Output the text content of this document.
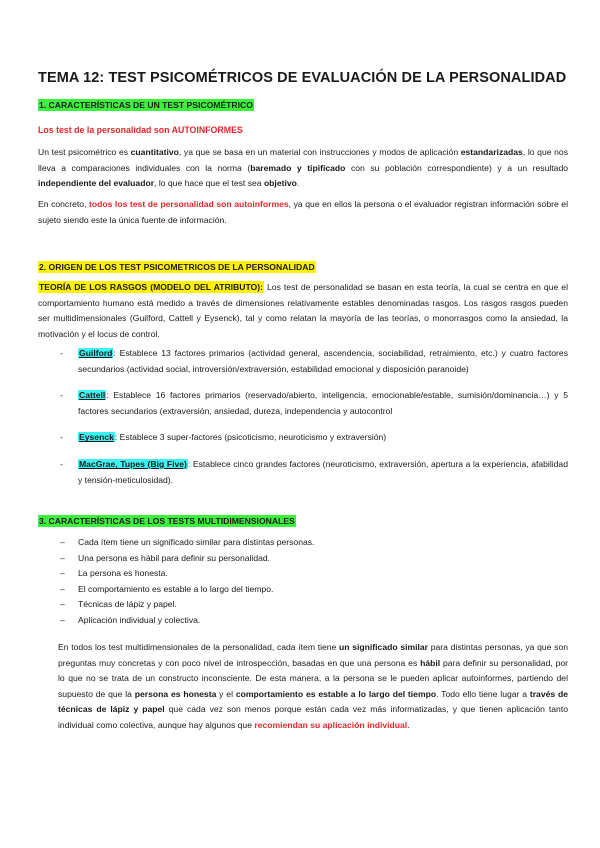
TEMA 12: TEST PSICOMÉTRICOS DE EVALUACIÓN DE LA PERSONALIDAD
1. CARACTERÍSTICAS DE UN TEST PSICOMÉTRICO
Los test de la personalidad son AUTOINFORMES
Un test psicométrico es cuantitativo, ya que se basa en un material con instrucciones y modos de aplicación estandarizadas, lo que nos lleva a comparaciones individuales con la norma (baremado y tipificado con su población correspondiente) y a un resultado independiente del evaluador, lo que hace que el test sea objetivo.
En concreto, todos los test de personalidad son autoinformes, ya que en ellos la persona o el evaluador registran información sobre el sujeto siendo este la única fuente de información.
2. ORIGEN DE LOS TEST PSICOMETRICOS DE LA PERSONALIDAD
TEORÍA DE LOS RASGOS (MODELO DEL ATRIBUTO): Los test de personalidad se basan en esta teoría, la cual se centra en que el comportamiento humano está medido a través de dimensiones relativamente estables denominadas rasgos. Los rasgos rasgos pueden ser multidimensionales (Guilford, Cattell y Eysenck), tal y como relatan la mayoría de las teorías, o monorrasgos como la ansiedad, la motivación y el locus de control.
- Guilford: Establece 13 factores primarios (actividad general, ascendencia, sociabilidad, retraimiento, etc.) y cuatro factores secundarios (actividad social, introversión/extraversión, estabilidad emocional y disposición paranoide)
- Cattell: Establece 16 factores primarios (reservado/abierto, inteligencia, emocionable/estable, sumisión/dominancia…) y 5 factores secundarios (extraversión, ansiedad, dureza, independencia y autocontrol
- Eysenck: Establece 3 super-factores (psicoticismo, neuroticismo y extraversión)
- MacGrae, Tupes (Big Five): Establece cinco grandes factores (neuroticismo, extraversión, apertura a la experiencia, afabilidad y tensión-meticulosidad).
3. CARACTERÍSTICAS DE LOS TESTS MULTIDIMENSIONALES
– Cada ítem tiene un significado similar para distintas personas.
– Una persona es hábil para definir su personalidad.
– La persona es honesta.
– El comportamiento es estable a lo largo del tiempo.
– Técnicas de lápiz y papel.
– Aplicación individual y colectiva.
En todos los test multidimensionales de la personalidad, cada ítem tiene un significado similar para distintas personas, ya que son preguntas muy concretas y con poco nivel de introspección, basadas en que una persona es hábil para definir su personalidad, por lo que no se trata de un constructo inconsciente. De esta manera, a la persona se le pueden aplicar autoinformes, partiendo del supuesto de que la persona es honesta y el comportamiento es estable a lo largo del tiempo. Todo ello tiene lugar a través de técnicas de lápiz y papel que cada vez son menos porque están cada vez más informatizadas, y que tienen aplicación tanto individual como colectiva, aunque hay algunos que recomiendan su aplicación individual.
